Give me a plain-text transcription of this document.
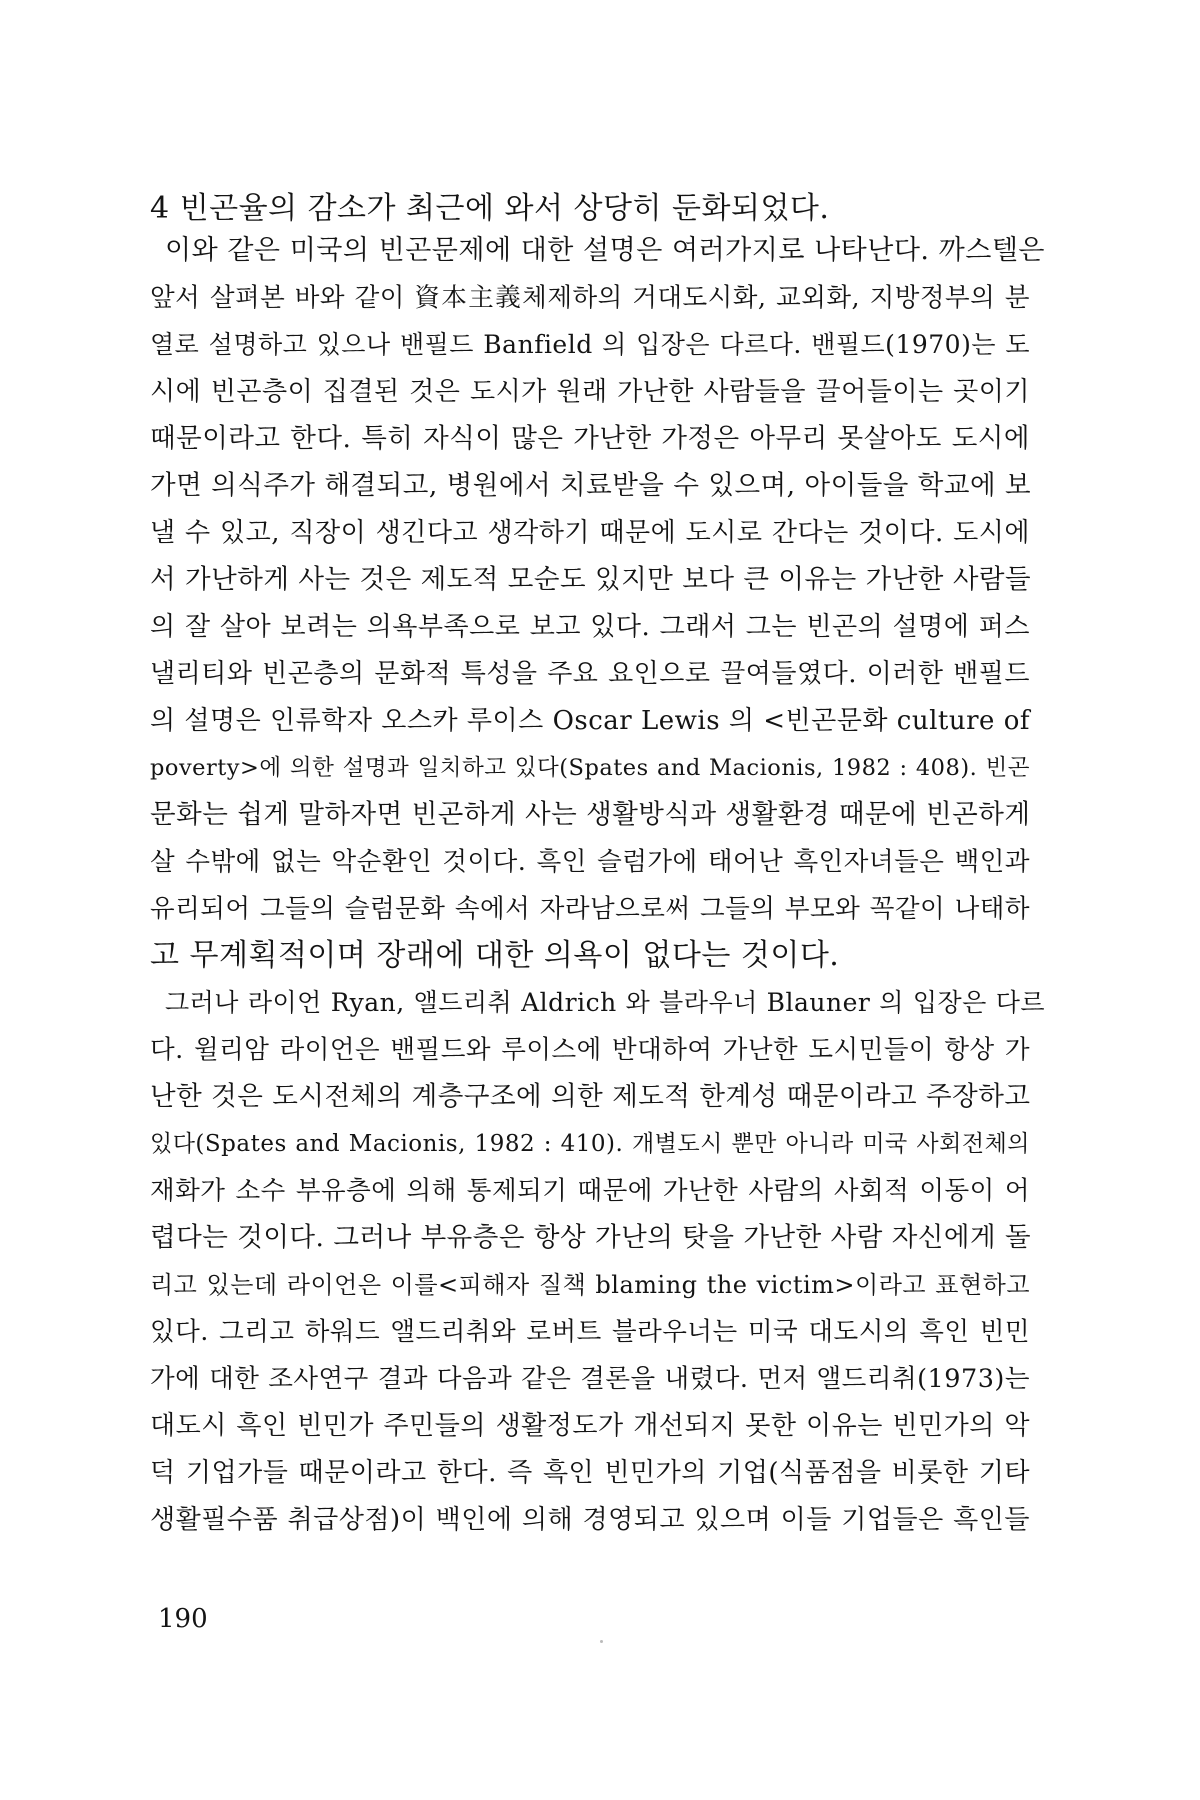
4 빈곤율의 감소가 최근에 와서 상당히 둔화되었다.
이와 같은 미국의 빈곤문제에 대한 설명은 여러가지로 나타난다. 까스텔은
앞서 살펴본 바와 같이 資本主義체제하의 거대도시화, 교외화, 지방정부의 분
열로 설명하고 있으나 밴필드 Banfield 의 입장은 다르다. 밴필드(1970)는 도
시에 빈곤층이 집결된 것은 도시가 원래 가난한 사람들을 끌어들이는 곳이기
때문이라고 한다. 특히 자식이 많은 가난한 가정은 아무리 못살아도 도시에
가면 의식주가 해결되고, 병원에서 치료받을 수 있으며, 아이들을 학교에 보
낼 수 있고, 직장이 생긴다고 생각하기 때문에 도시로 간다는 것이다. 도시에
서 가난하게 사는 것은 제도적 모순도 있지만 보다 큰 이유는 가난한 사람들
의 잘 살아 보려는 의욕부족으로 보고 있다. 그래서 그는 빈곤의 설명에 퍼스
낼리티와 빈곤층의 문화적 특성을 주요 요인으로 끌여들였다. 이러한 밴필드
의 설명은 인류학자 오스카 루이스 Oscar Lewis 의 <빈곤문화 culture of
poverty>에 의한 설명과 일치하고 있다(Spates and Macionis, 1982 : 408). 빈곤
문화는 쉽게 말하자면 빈곤하게 사는 생활방식과 생활환경 때문에 빈곤하게
살 수밖에 없는 악순환인 것이다. 흑인 슬럼가에 태어난 흑인자녀들은 백인과
유리되어 그들의 슬럼문화 속에서 자라남으로써 그들의 부모와 꼭같이 나태하
고 무계획적이며 장래에 대한 의욕이 없다는 것이다.
그러나 라이언 Ryan, 앨드리취 Aldrich 와 블라우너 Blauner 의 입장은 다르
다. 윌리암 라이언은 밴필드와 루이스에 반대하여 가난한 도시민들이 항상 가
난한 것은 도시전체의 계층구조에 의한 제도적 한계성 때문이라고 주장하고
있다(Spates and Macionis, 1982 : 410). 개별도시 뿐만 아니라 미국 사회전체의
재화가 소수 부유층에 의해 통제되기 때문에 가난한 사람의 사회적 이동이 어
렵다는 것이다. 그러나 부유층은 항상 가난의 탓을 가난한 사람 자신에게 돌
리고 있는데 라이언은 이를<피해자 질책 blaming the victim>이라고 표현하고
있다. 그리고 하워드 앨드리취와 로버트 블라우너는 미국 대도시의 흑인 빈민
가에 대한 조사연구 결과 다음과 같은 결론을 내렸다. 먼저 앨드리취(1973)는
대도시 흑인 빈민가 주민들의 생활정도가 개선되지 못한 이유는 빈민가의 악
덕 기업가들 때문이라고 한다. 즉 흑인 빈민가의 기업(식품점을 비롯한 기타
생활필수품 취급상점)이 백인에 의해 경영되고 있으며 이들 기업들은 흑인들
190
